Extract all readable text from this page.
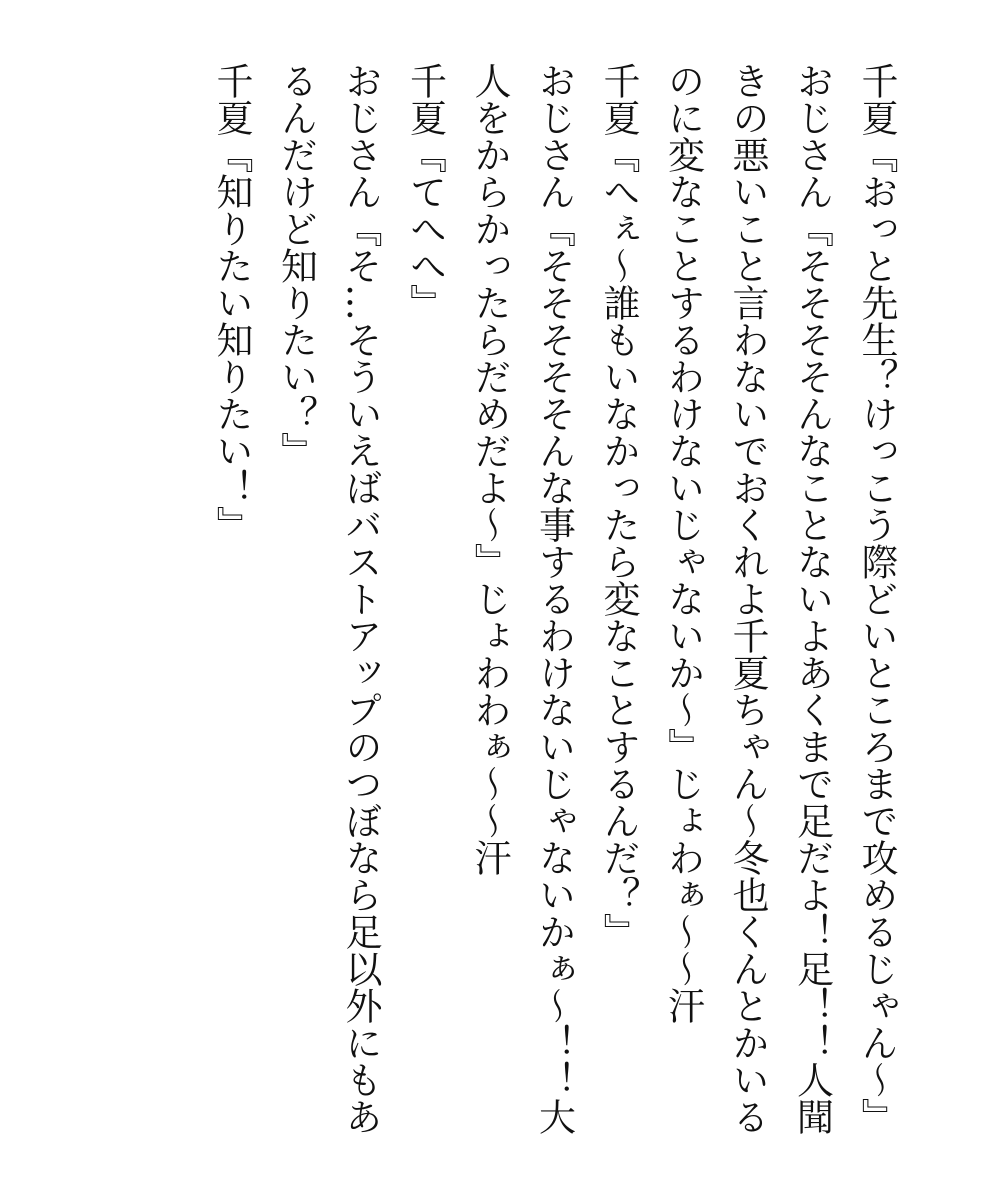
千夏『おっと先生？けっこう際どいところまで攻めるじゃん〜』

おじさん『そそそそんなことないよあくまで足だよ！足！！人聞きの悪いこと言わないでおくれよ千夏ちゃん〜冬也くんとかいるのに変なことするわけないじゃないか〜』じょわぁ〜〜汗

千夏『へぇ〜誰もいなかったら変なことするんだ？』

おじさん『そそそそそんな事するわけないじゃないかぁ〜！！大人をからかったらだめだよ〜』じょわわぁ〜〜汗

千夏『てへへ』

おじさん『そ…そういえばバストアップのつぼなら足以外にもあるんだけど知りたい？』

千夏『知りたい知りたい！』
